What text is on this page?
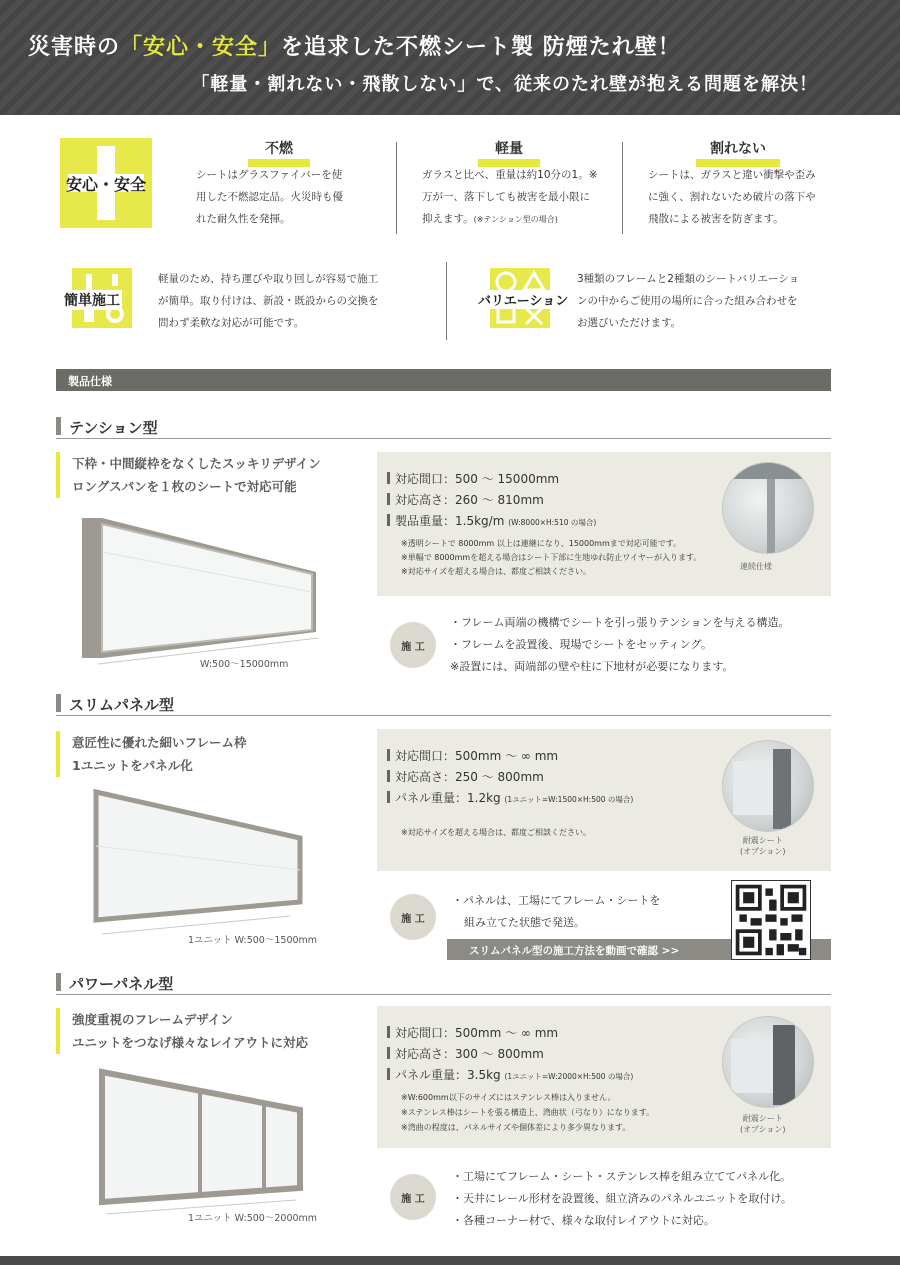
災害時の「安心・安全」を追求した不燃シート製 防煙たれ壁！
「軽量・割れない・飛散しない」で、従来のたれ壁が抱える問題を解決！
安心・安全
不燃
シートはグラスファイバーを使
用した不燃認定品。火災時も優
れた耐久性を発揮。
軽量
ガラスと比べ、重量は約10分の1。※
万が一、落下しても被害を最小限に
抑えます。(※テンション型の場合)
割れない
シートは、ガラスと違い衝撃や歪み
に強く、割れないため破片の落下や
飛散による被害を防ぎます。
簡単施工
軽量のため、持ち運びや取り回しが容易で施工
が簡単。取り付けは、新設・既設からの交換を
問わず柔軟な対応が可能です。
バリエーション
3種類のフレームと2種類のシートバリエーショ
ンの中からご使用の場所に合った組み合わせを
お選びいただけます。
製品仕様
テンション型
下枠・中間縦枠をなくしたスッキリデザイン
ロングスパンを１枚のシートで対応可能
W:500～15000mm
対応間口：500 ～ 15000mm
対応高さ：260 ～ 810mm
製品重量：1.5kg/m (W:8000×H:510 の場合)
※透明シートで 8000mm 以上は連継になり、15000mmまで対応可能です。
※単幅で 8000mmを超える場合はシート下部に生地ゆれ防止ワイヤーが入ります。
※対応サイズを超える場合は、都度ご相談ください。
連続仕様
施 工
・フレーム両端の機構でシートを引っ張りテンションを与える構造。
・フレームを設置後、現場でシートをセッティング。
※設置には、両端部の壁や柱に下地材が必要になります。
スリムパネル型
意匠性に優れた細いフレーム枠
1ユニットをパネル化
1ユニット W:500～1500mm
対応間口：500mm ～ ∞ mm
対応高さ：250 ～ 800mm
パネル重量：1.2kg (1ユニット=W:1500×H:500 の場合)
※対応サイズを超える場合は、都度ご相談ください。
耐震シート
(オプション)
施 工
・パネルは、工場にてフレーム・シートを
組み立てた状態で発送。
スリムパネル型の施工方法を動画で確認 >>
パワーパネル型
強度重視のフレームデザイン
ユニットをつなげ様々なレイアウトに対応
1ユニット W:500～2000mm
対応間口：500mm ～ ∞ mm
対応高さ：300 ～ 800mm
パネル重量：3.5kg (1ユニット=W:2000×H:500 の場合)
※W:600mm以下のサイズにはステンレス棒は入りません。
※ステンレス棒はシートを張る構造上、湾曲状（弓なり）になります。
※湾曲の程度は、パネルサイズや個体差により多少異なります。
耐震シート
(オプション)
施 工
・工場にてフレーム・シート・ステンレス棒を組み立ててパネル化。
・天井にレール形材を設置後、組立済みのパネルユニットを取付け。
・各種コーナー材で、様々な取付レイアウトに対応。
